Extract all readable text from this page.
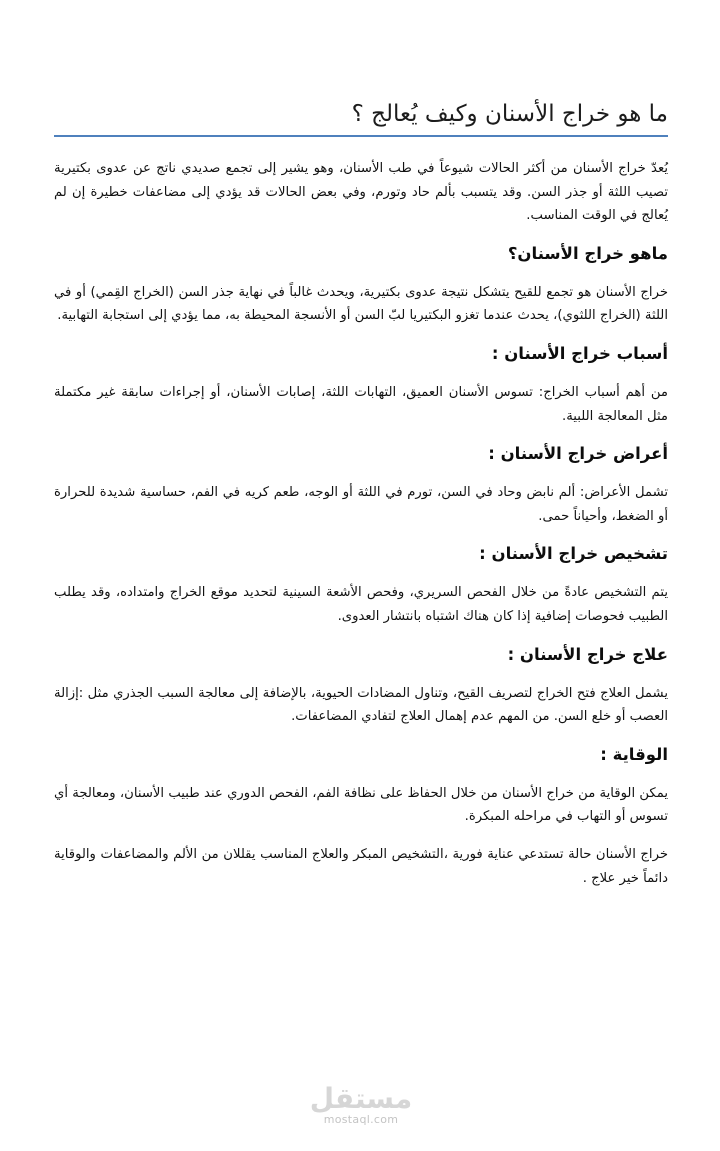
ما هو خراج الأسنان وكيف يُعالج ؟

يُعدّ خراج الأسنان من أكثر الحالات شيوعاً في طب الأسنان، وهو يشير إلى تجمع صديدي ناتج عن عدوى بكتيرية تصيب اللثة أو جذر السن. وقد يتسبب بألم حاد وتورم، وفي بعض الحالات قد يؤدي إلى مضاعفات خطيرة إن لم يُعالج في الوقت المناسب.

ماهو خراج الأسنان؟

خراج الأسنان هو تجمع للقيح يتشكل نتيجة عدوى بكتيرية، ويحدث غالباً في نهاية جذر السن (الخراج القِمي) أو في اللثة (الخراج اللثوي)، يحدث عندما تغزو البكتيريا لبّ السن أو الأنسجة المحيطة به، مما يؤدي إلى استجابة التهابية.

أسباب خراج الأسنان :

من أهم أسباب الخراج: تسوس الأسنان العميق، التهابات اللثة، إصابات الأسنان، أو إجراءات سابقة غير مكتملة مثل المعالجة اللبية.

أعراض خراج الأسنان :

تشمل الأعراض: ألم نابض وحاد في السن، تورم في اللثة أو الوجه، طعم كريه في الفم، حساسية شديدة للحرارة أو الضغط، وأحياناً حمى.

تشخيص خراج الأسنان :

يتم التشخيص عادةً من خلال الفحص السريري، وفحص الأشعة السينية لتحديد موقع الخراج وامتداده، وقد يطلب الطبيب فحوصات إضافية إذا كان هناك اشتباه بانتشار العدوى.

علاج خراج الأسنان :

يشمل العلاج فتح الخراج لتصريف القيح، وتناول المضادات الحيوية، بالإضافة إلى معالجة السبب الجذري مثل :إزالة العصب أو خلع السن. من المهم عدم إهمال العلاج لتفادي المضاعفات.

الوقاية :

يمكن الوقاية من خراج الأسنان من خلال الحفاظ على نظافة الفم، الفحص الدوري عند طبيب الأسنان، ومعالجة أي تسوس أو التهاب في مراحله المبكرة.

خراج الأسنان حالة تستدعي عناية فورية ،التشخيص المبكر والعلاج المناسب يقللان من الألم والمضاعفات والوقاية دائماً خير علاج .

مستقل
mostaql.com
